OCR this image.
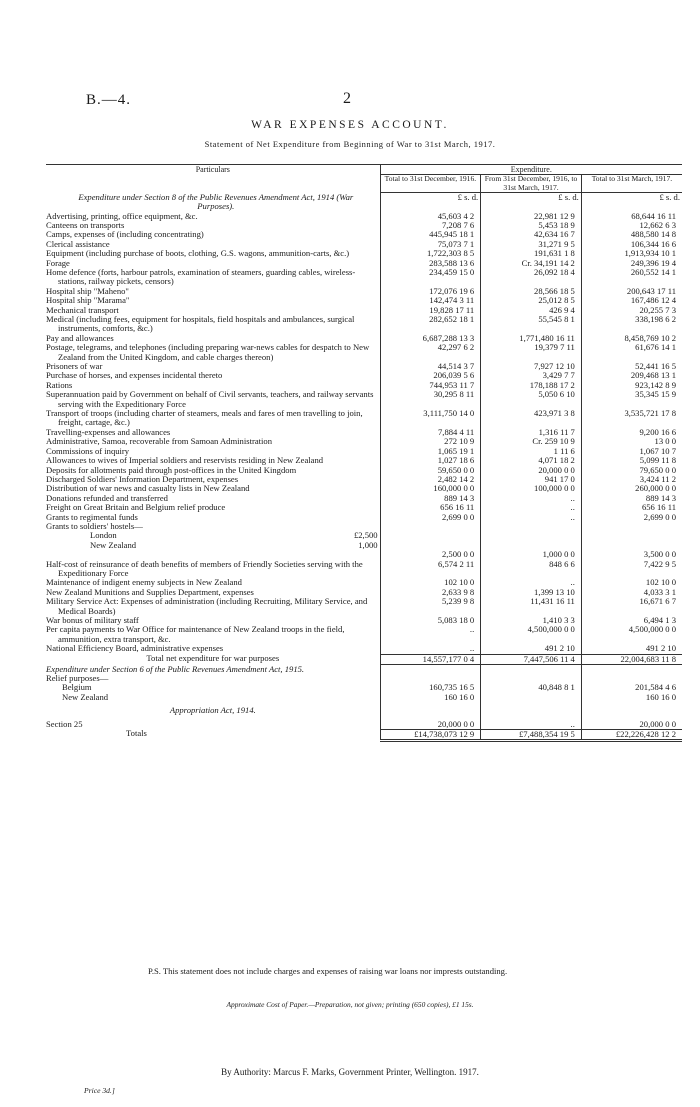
B.—4.	2
WAR EXPENSES ACCOUNT.
Statement of Net Expenditure from Beginning of War to 31st March, 1917.
Particulars	Expenditure.		
	Total to 31st December, 1916.	From 31st December, 1916, to 31st March, 1917.	Total to 31st March, 1917.
Expenditure under Section 8 of the Public Revenues Amendment Act, 1914 (War Purposes).	£ s. d.	£ s. d.	£ s. d.
Advertising, printing, office equipment, &c.	45,603 4 2	22,981 12 9	68,644 16 11
Canteens on transports	7,208 7 6	5,453 18 9	12,662 6 3
Camps, expenses of (including concentrating)	445,945 18 1	42,634 16 7	488,580 14 8
Clerical assistance	75,073 7 1	31,271 9 5	106,344 16 6
Equipment (including purchase of boots, clothing, G.S. wagons, ammunition-carts, &c.)	1,722,303 8 5	191,631 1 8	1,913,934 10 1
Forage	283,588 13 6	Cr. 34,191 14 2	249,396 19 4
Home defence (forts, harbour patrols, examination of steamers, guarding cables, wireless-stations, railway pickets, censors)	234,459 15 0	26,092 18 4	260,552 14 1
Hospital ship "Maheno"	172,076 19 6	28,566 18 5	200,643 17 11
Hospital ship "Marama"	142,474 3 11	25,012 8 5	167,486 12 4
Mechanical transport	19,828 17 11	426 9 4	20,255 7 3
Medical (including fees, equipment for hospitals, field hospitals and ambulances, surgical instruments, comforts, &c.)	282,652 18 1	55,545 8 1	338,198 6 2
Pay and allowances	6,687,288 13 3	1,771,480 16 11	8,458,769 10 2
Postage, telegrams, and telephones (including preparing war-news cables for despatch to New Zealand from the United Kingdom, and cable charges thereon)	42,297 6 2	19,379 7 11	61,676 14 1
Prisoners of war	44,514 3 7	7,927 12 10	52,441 16 5
Purchase of horses, and expenses incidental thereto	206,039 5 6	3,429 7 7	209,468 13 1
Rations	744,953 11 7	178,188 17 2	923,142 8 9
Superannuation paid by Government on behalf of Civil servants, teachers, and railway servants serving with the Expeditionary Force	30,295 8 11	5,050 6 10	35,345 15 9
Transport of troops (including charter of steamers, meals and fares of men travelling to join, freight, cartage, &c.)	3,111,750 14 0	423,971 3 8	3,535,721 17 8
Travelling-expenses and allowances	7,884 4 11	1,316 11 7	9,200 16 6
Administrative, Samoa, recoverable from Samoan Administration	272 10 9	Cr. 259 10 9	13 0 0
Commissions of inquiry	1,065 19 1	1 11 6	1,067 10 7
Allowances to wives of Imperial soldiers and reservists residing in New Zealand	1,027 18 6	4,071 18 2	5,099 11 8
Deposits for allotments paid through post-offices in the United Kingdom	59,650 0 0	20,000 0 0	79,650 0 0
Discharged Soldiers' Information Department, expenses	2,482 14 2	941 17 0	3,424 11 2
Distribution of war news and casualty lists in New Zealand	160,000 0 0	100,000 0 0	260,000 0 0
Donations refunded and transferred	889 14 3	..	889 14 3
Freight on Great Britain and Belgium relief produce	656 16 11	..	656 16 11
Grants to regimental funds	2,699 0 0	..	2,699 0 0
Grants to soldiers' hostels—			
London £2,500			

New Zealand 1,000			

	2,500 0 0	1,000 0 0	3,500 0 0
Half-cost of reinsurance of death benefits of members of Friendly Societies serving with the Expeditionary Force	6,574 2 11	848 6 6	7,422 9 5
Maintenance of indigent enemy subjects in New Zealand	102 10 0	..	102 10 0
New Zealand Munitions and Supplies Department, expenses	2,633 9 8	1,399 13 10	4,033 3 1
Military Service Act: Expenses of administration (including Recruiting, Military Service, and Medical Boards)	5,239 9 8	11,431 16 11	16,671 6 7
War bonus of military staff	5,083 18 0	1,410 3 3	6,494 1 3
Per capita payments to War Office for maintenance of New Zealand troops in the field, ammunition, extra transport, &c.	..	4,500,000 0 0	4,500,000 0 0
National Efficiency Board, administrative expenses	..	491 2 10	491 2 10
Total net expenditure for war purposes	14,557,177 0 4	7,447,506 11 4	22,004,683 11 8
Expenditure under Section 6 of the Public Revenues Amendment Act, 1915.			
Relief purposes—			
Belgium	160,735 16 5	40,848 8 1	201,584 4 6
New Zealand	160 16 0		160 16 0
Appropriation Act, 1914.			
Section 25	20,000 0 0	..	20,000 0 0
Totals	£14,738,073 12 9	£7,488,354 19 5	£22,226,428 12 2
P.S. This statement does not include charges and expenses of raising war loans nor imprests outstanding.
Approximate Cost of Paper.—Preparation, not given; printing (650 copies), £1 15s.
By Authority: Marcus F. Marks, Government Printer, Wellington. 1917.
Price 3d.]
